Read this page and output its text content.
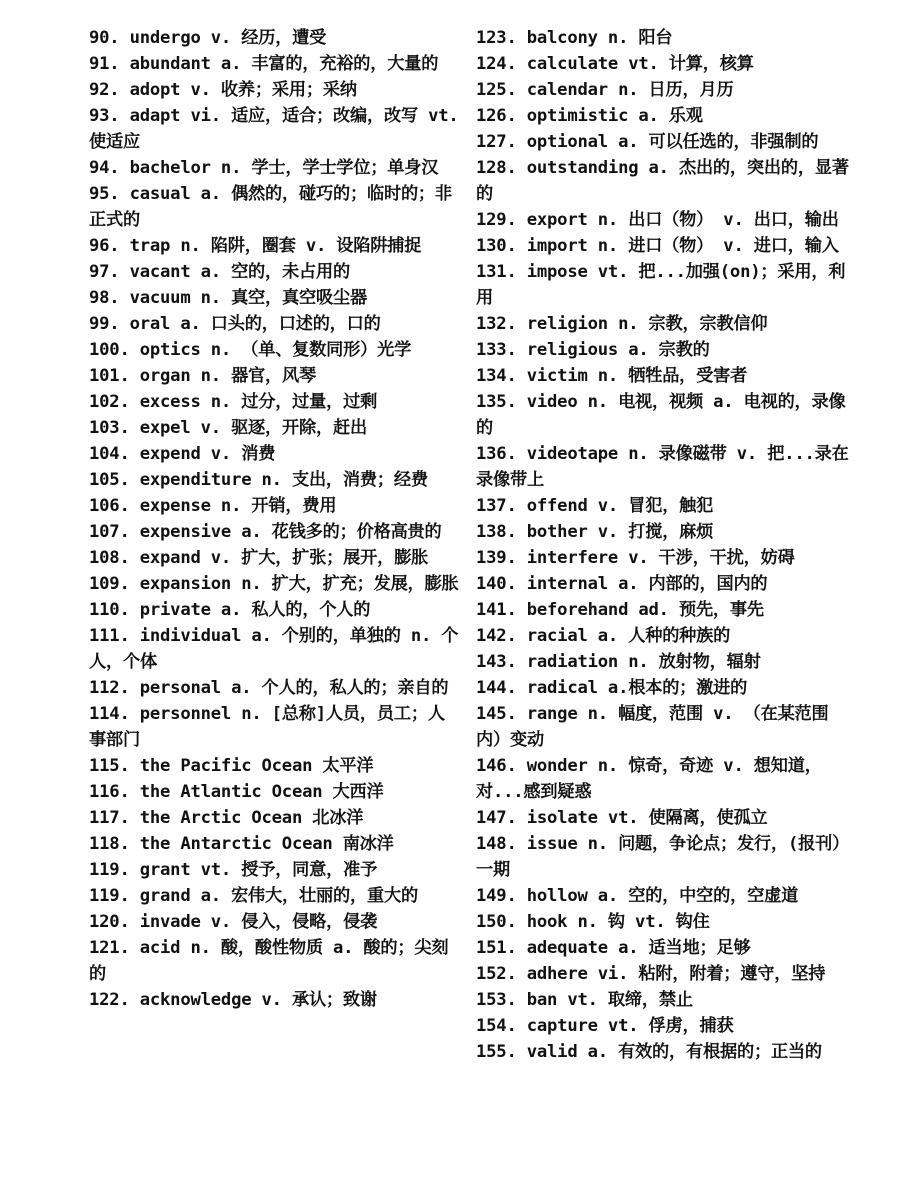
90. undergo v. 经历，遭受
91. abundant a. 丰富的，充裕的，大量的
92. adopt v. 收养；采用；采纳
93. adapt vi. 适应，适合；改编，改写 vt. 使适应
94. bachelor n. 学士，学士学位；单身汉
95. casual a. 偶然的，碰巧的；临时的；非正式的
96. trap n. 陷阱，圈套 v. 设陷阱捕捉
97. vacant a. 空的，未占用的
98. vacuum n. 真空，真空吸尘器
99. oral a. 口头的，口述的，口的
100. optics n. （单、复数同形）光学
101. organ n. 器官，风琴
102. excess n. 过分，过量，过剩
103. expel v. 驱逐，开除，赶出
104. expend v. 消费
105. expenditure n. 支出，消费；经费
106. expense n. 开销，费用
107. expensive a. 花钱多的；价格高贵的
108. expand v. 扩大，扩张；展开，膨胀
109. expansion n. 扩大，扩充；发展，膨胀
110. private a. 私人的，个人的
111. individual a. 个别的，单独的 n. 个人，个体
112. personal a. 个人的，私人的；亲自的
114. personnel n. [总称]人员，员工；人事部门
115. the Pacific Ocean 太平洋
116. the Atlantic Ocean 大西洋
117. the Arctic Ocean 北冰洋
118. the Antarctic Ocean 南冰洋
119. grant vt. 授予，同意，准予
119. grand a. 宏伟大，壮丽的，重大的
120. invade v. 侵入，侵略，侵袭
121. acid n. 酸，酸性物质 a. 酸的；尖刻的
122. acknowledge v. 承认；致谢
123. balcony n. 阳台
124. calculate vt. 计算，核算
125. calendar n. 日历，月历
126. optimistic a. 乐观
127. optional a. 可以任选的，非强制的
128. outstanding a. 杰出的，突出的，显著的
129. export n. 出口（物） v. 出口，输出
130. import n. 进口（物） v. 进口，输入
131. impose vt. 把...加强(on)；采用，利用
132. religion n. 宗教，宗教信仰
133. religious a. 宗教的
134. victim n. 牺牲品，受害者
135. video n. 电视，视频 a. 电视的，录像的
136. videotape n. 录像磁带 v. 把...录在录像带上
137. offend v. 冒犯，触犯
138. bother v. 打搅，麻烦
139. interfere v. 干涉，干扰，妨碍
140. internal a. 内部的，国内的
141. beforehand ad. 预先，事先
142. racial a. 人种的种族的
143. radiation n. 放射物，辐射
144. radical a.根本的；激进的
145. range n. 幅度，范围 v. （在某范围内）变动
146. wonder n. 惊奇，奇迹 v. 想知道，对...感到疑惑
147. isolate vt. 使隔离，使孤立
148. issue n. 问题，争论点；发行，(报刊）一期
149. hollow a. 空的，中空的，空虚道
150. hook n. 钩 vt. 钩住
151. adequate a. 适当地；足够
152. adhere vi. 粘附，附着；遵守，坚持
153. ban vt. 取缔，禁止
154. capture vt. 俘虏，捕获
155. valid a. 有效的，有根据的；正当的
